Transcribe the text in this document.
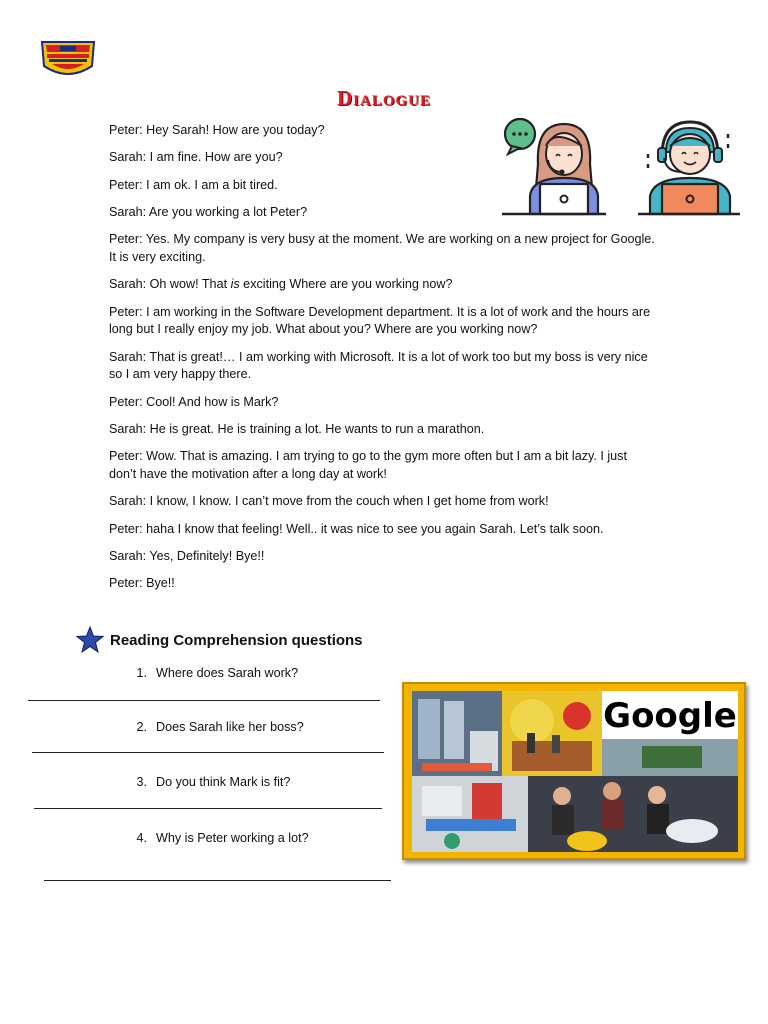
Dialogue

Peter: Hey Sarah! How are you today?

Sarah: I am fine. How are you?

Peter: I am ok. I am a bit tired.

Sarah: Are you working a lot Peter?

Peter: Yes. My company is very busy at the moment. We are working on a new project for Google. It is very exciting.

Sarah: Oh wow! That is exciting Where are you working now?

Peter: I am working in the Software Development department. It is a lot of work and the hours are long but I really enjoy my job. What about you? Where are you working now?

Sarah: That is great!… I am working with Microsoft. It is a lot of work too but my boss is very nice so I am very happy there.

Peter: Cool! And how is Mark?

Sarah: He is great. He is training a lot. He wants to run a marathon.

Peter: Wow. That is amazing. I am trying to go to the gym more often but I am a bit lazy. I just don’t have the motivation after a long day at work!

Sarah: I know, I know. I can’t move from the couch when I get home from work!

Peter: haha I know that feeling! Well.. it was nice to see you again Sarah. Let’s talk soon.

Sarah: Yes, Definitely! Bye!!

Peter: Bye!!

Reading Comprehension questions
1. Where does Sarah work?
2. Does Sarah like her boss?
3. Do you think Mark is fit?
4. Why is Peter working a lot?
Google
